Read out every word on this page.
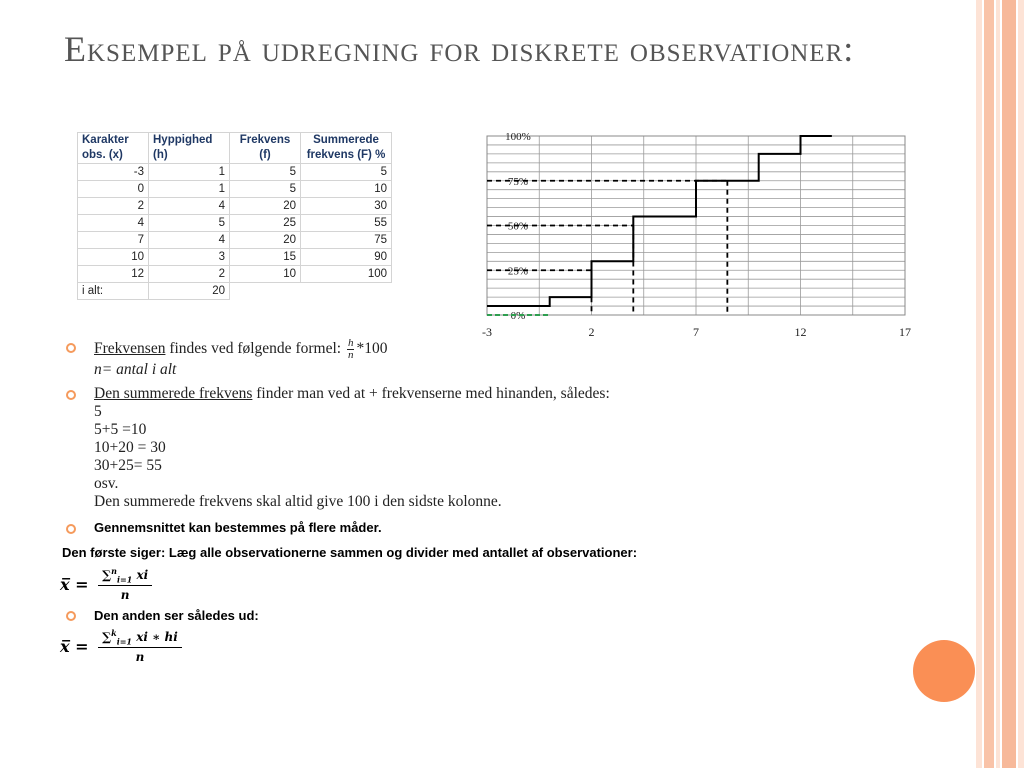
Eksempel på udregning for diskrete observationer:
Karakter obs. (x)	Hyppighed (h)	Frekvens (f)	Summerede frekvens (F) %
-3	1	5	5
0	1	5	10
2	4	20	30
4	5	25	55
7	4	20	75
10	3	15	90
12	2	10	100
i alt:	20		
0%
25%
50%
75%
100%
-3	2	7	12	17
Frekvensen findes ved følgende formel: $\frac{h}{n} *100$
n= antal i alt
Den summerede frekvens finder man ved at + frekvenserne med hinanden, således:
5
5+5 =10
10+20 = 30
30+25= 55
osv.
Den summerede frekvens skal altid give 100 i den sidste kolonne.
Gennemsnittet kan bestemmes på flere måder.
Den første siger: Læg alle observationerne sammen og divider med antallet af observationer:
x̅ = $\frac{\sum^n_{i=1} xi}{n}$
Den anden ser således ud:
x̅ = $\frac{\sum^k_{i=1} xi ∗ hi}{n}$
